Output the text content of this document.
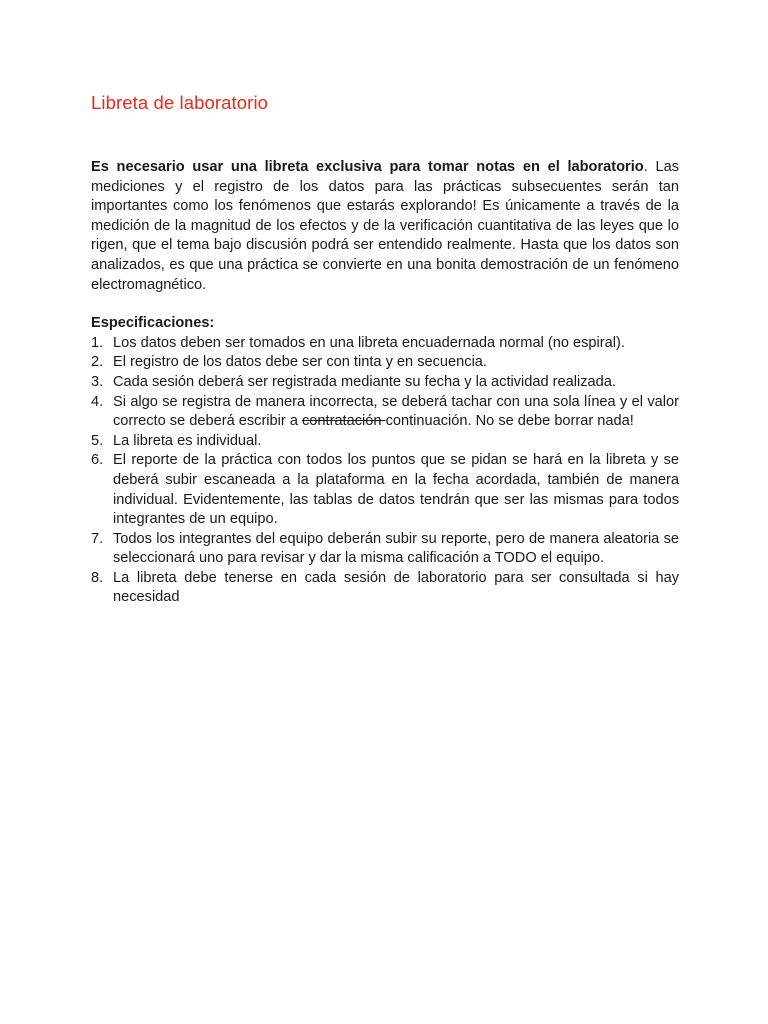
Libreta de laboratorio

Es necesario usar una libreta exclusiva para tomar notas en el laboratorio. Las mediciones y el registro de los datos para las prácticas subsecuentes serán tan importantes como los fenómenos que estarás explorando! Es únicamente a través de la medición de la magnitud de los efectos y de la verificación cuantitativa de las leyes que lo rigen, que el tema bajo discusión podrá ser entendido realmente. Hasta que los datos son analizados, es que una práctica se convierte en una bonita demostración de un fenómeno electromagnético.

Especificaciones:
1. Los datos deben ser tomados en una libreta encuadernada normal (no espiral).
2. El registro de los datos debe ser con tinta y en secuencia.
3. Cada sesión deberá ser registrada mediante su fecha y la actividad realizada.
4. Si algo se registra de manera incorrecta, se deberá tachar con una sola línea y el valor correcto se deberá escribir a contratación continuación. No se debe borrar nada!
5. La libreta es individual.
6. El reporte de la práctica con todos los puntos que se pidan se hará en la libreta y se deberá subir escaneada a la plataforma en la fecha acordada, también de manera individual. Evidentemente, las tablas de datos tendrán que ser las mismas para todos integrantes de un equipo.
7. Todos los integrantes del equipo deberán subir su reporte, pero de manera aleatoria se seleccionará uno para revisar y dar la misma calificación a TODO el equipo.
8. La libreta debe tenerse en cada sesión de laboratorio para ser consultada si hay necesidad
